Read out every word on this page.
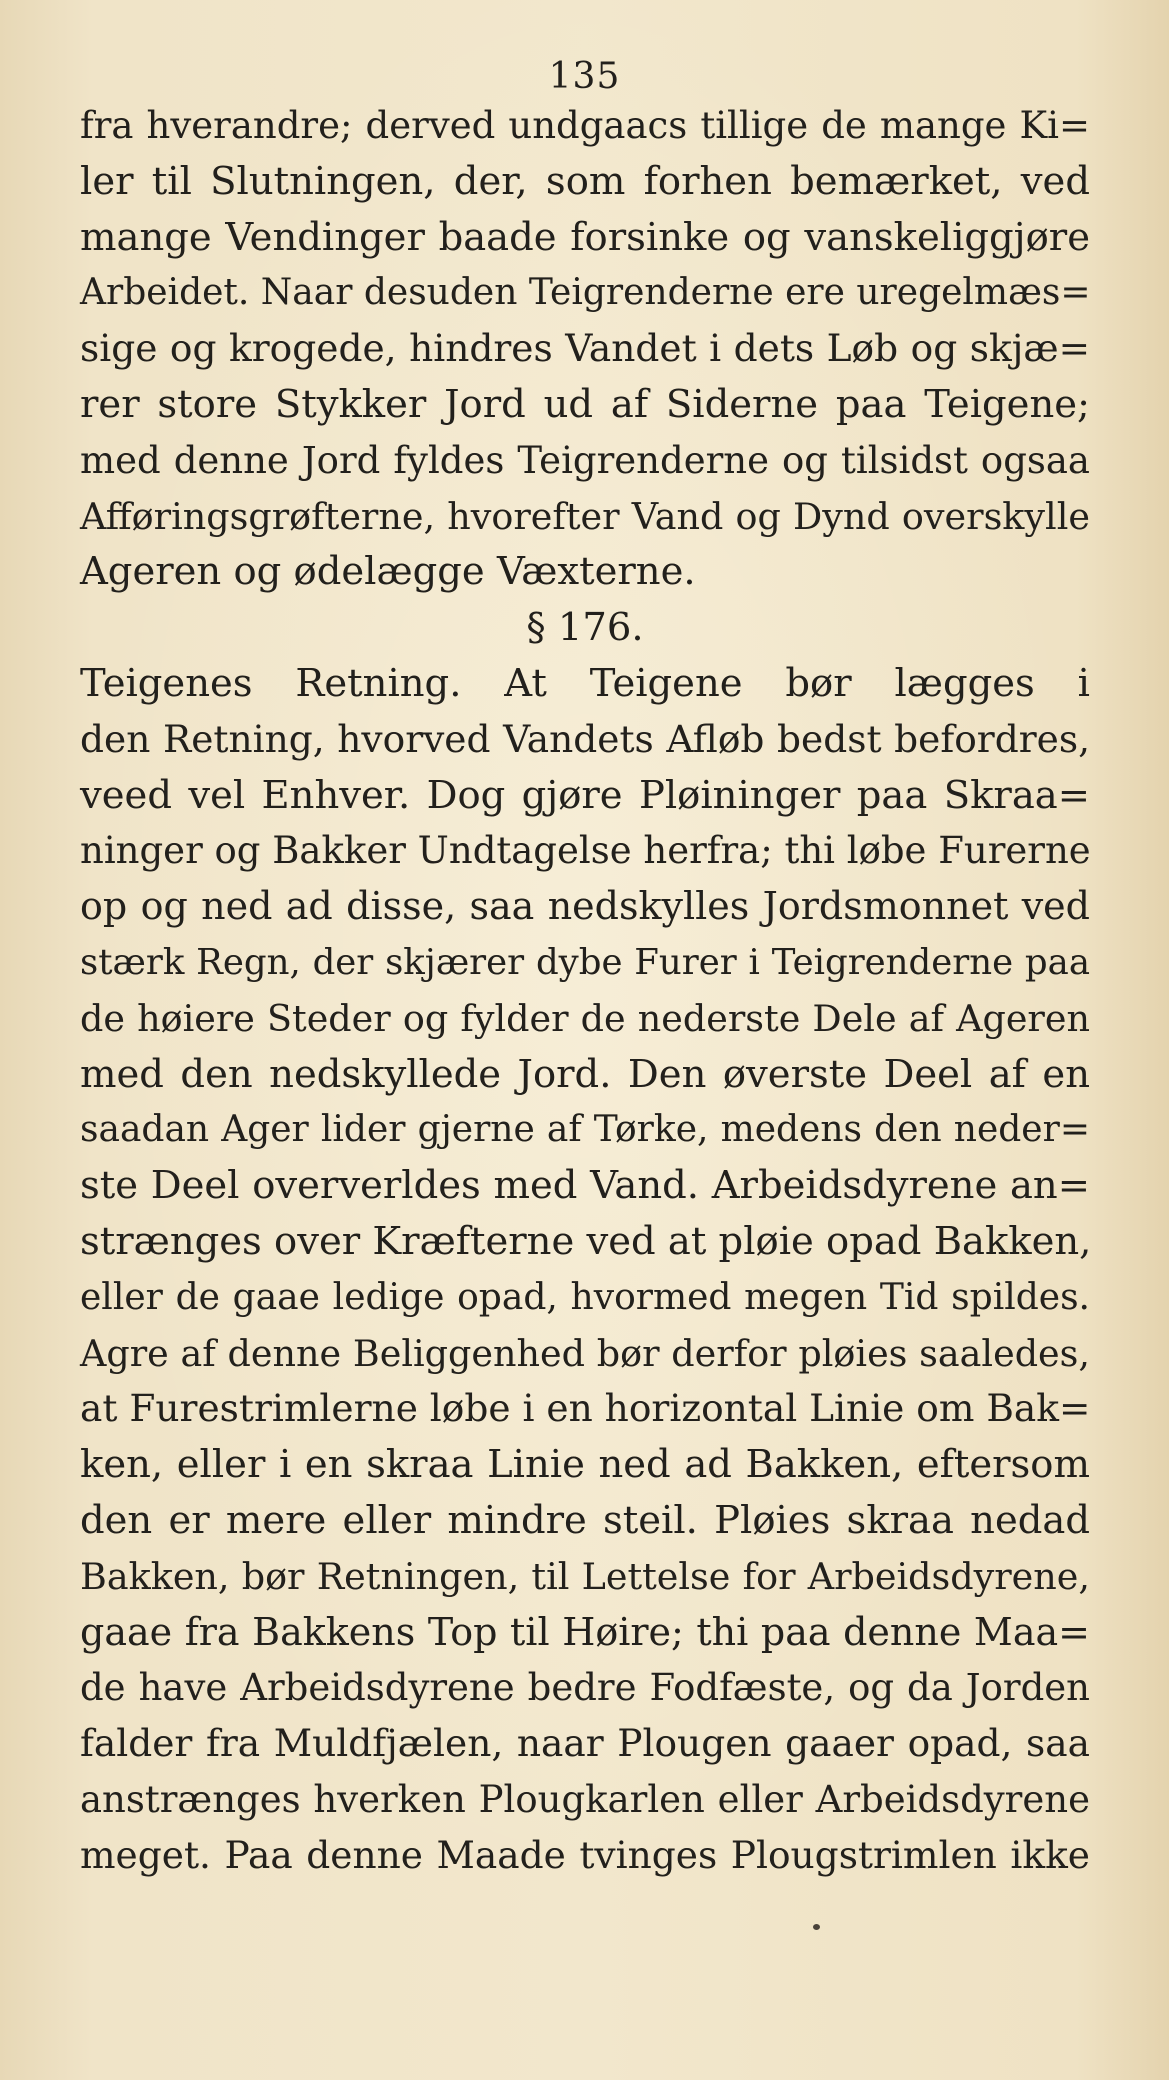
135
fra hverandre; derved undgaacs tillige de mange Ki=
ler til Slutningen, der, som forhen bemærket, ved
mange Vendinger baade forsinke og vanskeliggjøre
Arbeidet. Naar desuden Teigrenderne ere uregelmæs=
sige og krogede, hindres Vandet i dets Løb og skjæ=
rer store Stykker Jord ud af Siderne paa Teigene;
med denne Jord fyldes Teigrenderne og tilsidst ogsaa
Afføringsgrøfterne, hvorefter Vand og Dynd overskylle
Ageren og ødelægge Væxterne.
§ 176.
Teigenes Retning. At Teigene bør lægges i
den Retning, hvorved Vandets Afløb bedst befordres,
veed vel Enhver. Dog gjøre Pløininger paa Skraa=
ninger og Bakker Undtagelse herfra; thi løbe Furerne
op og ned ad disse, saa nedskylles Jordsmonnet ved
stærk Regn, der skjærer dybe Furer i Teigrenderne paa
de høiere Steder og fylder de nederste Dele af Ageren
med den nedskyllede Jord. Den øverste Deel af en
saadan Ager lider gjerne af Tørke, medens den neder=
ste Deel oververldes med Vand. Arbeidsdyrene an=
strænges over Kræfterne ved at pløie opad Bakken,
eller de gaae ledige opad, hvormed megen Tid spildes.
Agre af denne Beliggenhed bør derfor pløies saaledes,
at Furestrimlerne løbe i en horizontal Linie om Bak=
ken, eller i en skraa Linie ned ad Bakken, eftersom
den er mere eller mindre steil. Pløies skraa nedad
Bakken, bør Retningen, til Lettelse for Arbeidsdyrene,
gaae fra Bakkens Top til Høire; thi paa denne Maa=
de have Arbeidsdyrene bedre Fodfæste, og da Jorden
falder fra Muldfjælen, naar Plougen gaaer opad, saa
anstrænges hverken Plougkarlen eller Arbeidsdyrene
meget. Paa denne Maade tvinges Plougstrimlen ikke
